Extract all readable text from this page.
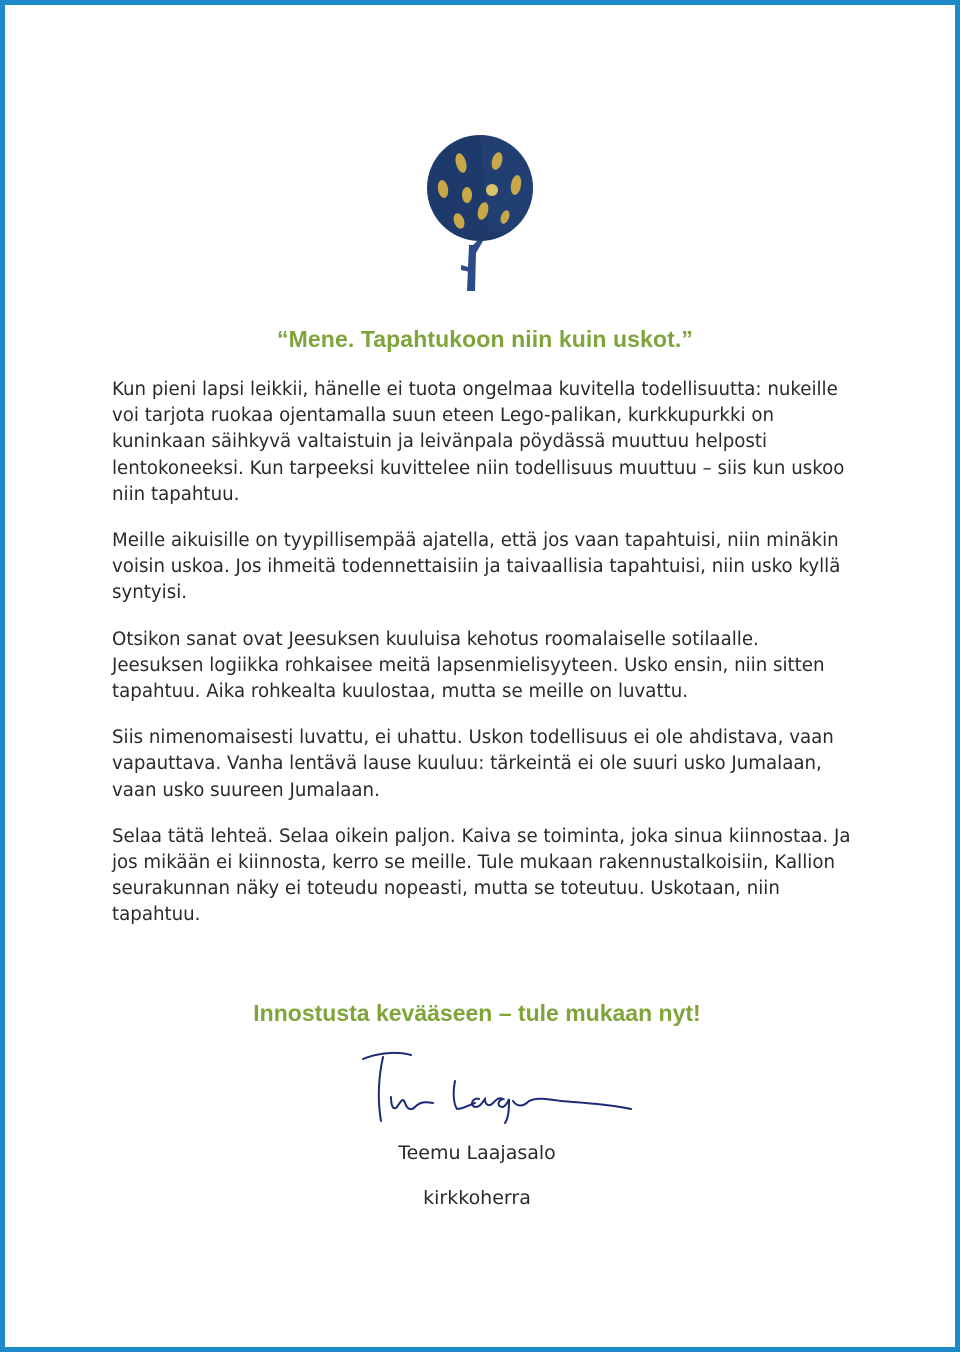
“Mene. Tapahtukoon niin kuin uskot.”

Kun pieni lapsi leikkii, hänelle ei tuota ongelmaa kuvitella todellisuutta: nukeille voi tarjota ruokaa ojentamalla suun eteen Lego-palikan, kurkkupurkki on kuninkaan säihkyvä valtaistuin ja leivänpala pöydässä muuttuu helposti lentokoneeksi. Kun tarpeeksi kuvittelee niin todellisuus muuttuu – siis kun uskoo niin tapahtuu.

Meille aikuisille on tyypillisempää ajatella, että jos vaan tapahtuisi, niin minäkin voisin uskoa. Jos ihmeitä todennettaisiin ja taivaallisia tapahtuisi, niin usko kyllä syntyisi.

Otsikon sanat ovat Jeesuksen kuuluisa kehotus roomalaiselle sotilaalle. Jeesuksen logiikka rohkaisee meitä lapsenmielisyyteen. Usko ensin, niin sitten tapahtuu. Aika rohkealta kuulostaa, mutta se meille on luvattu.

Siis nimenomaisesti luvattu, ei uhattu. Uskon todellisuus ei ole ahdistava, vaan vapauttava. Vanha lentävä lause kuuluu: tärkeintä ei ole suuri usko Jumalaan, vaan usko suureen Jumalaan.

Selaa tätä lehteä. Selaa oikein paljon. Kaiva se toiminta, joka sinua kiinnostaa. Ja jos mikään ei kiinnosta, kerro se meille. Tule mukaan rakennustalkoisiin, Kallion seurakunnan näky ei toteudu nopeasti, mutta se toteutuu. Uskotaan, niin tapahtuu.

Innostusta kevääseen – tule mukaan nyt!
Teemu Laajasalo
kirkkoherra
